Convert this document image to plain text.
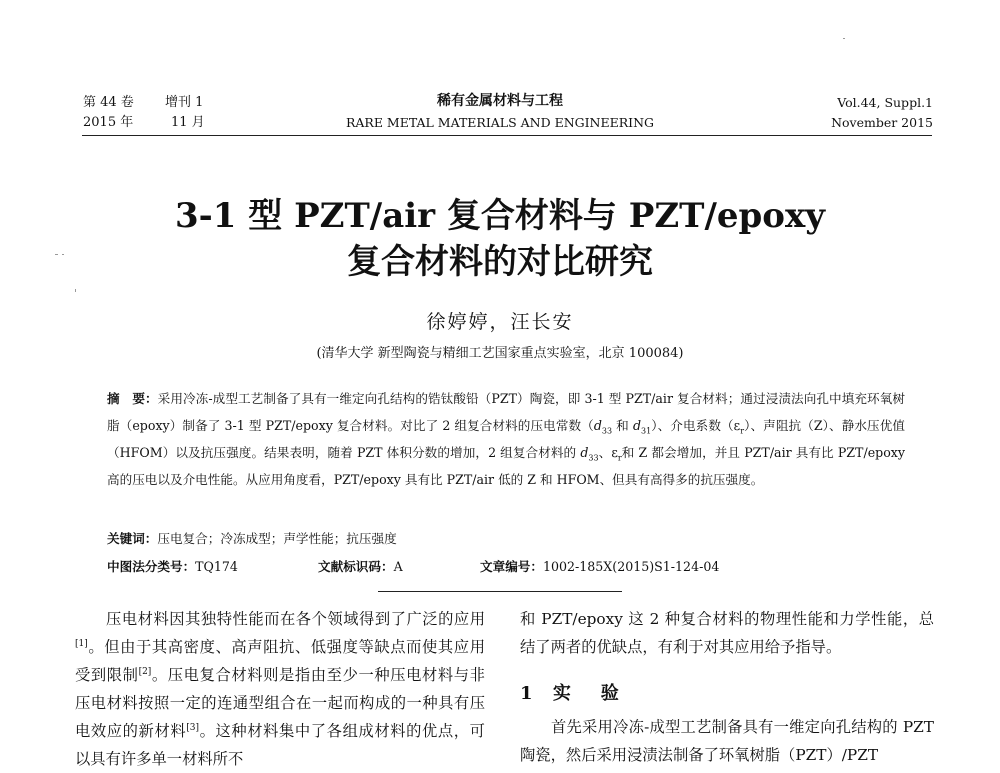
第 44 卷 增刊 1
2015 年	11 月
稀有金属材料与工程
RARE METAL MATERIALS AND ENGINEERING
Vol.44, Suppl.1
November 2015
3-1 型 PZT/air 复合材料与 PZT/epoxy
复合材料的对比研究
徐婷婷，汪长安
(清华大学 新型陶瓷与精细工艺国家重点实验室，北京 100084)

摘　要：采用冷冻-成型工艺制备了具有一维定向孔结构的锆钛酸铅（PZT）陶瓷，即 3-1 型 PZT/air 复合材料；通过浸渍法向孔中填充环氧树脂（epoxy）制备了 3-1 型 PZT/epoxy 复合材料。对比了 2 组复合材料的压电常数（$d_{33}$ 和 $d_{31}$）、介电系数$(\varepsilon_r)$、声阻抗（Z）、静水压优值（HFOM）以及抗压强度。结果表明，随着 PZT 体积分数的增加，2 组复合材料的 $d_{33}$、$\varepsilon_r$和 Z 都会增加，并且 PZT/air 具有比 PZT/epoxy 高的压电以及介电性能。从应用角度看，PZT/epoxy 具有比 PZT/air 低的 Z 和 HFOM、但具有高得多的抗压强度。

关键词：压电复合；冷冻成型；声学性能；抗压强度
中图法分类号：TQ174	文献标识码：A	文章编号：1002-185X(2015)S1-124-04

压电材料因其独特性能而在各个领域得到了广泛的应用[1]。但由于其高密度、高声阻抗、低强度等缺点而使其应用受到限制[2]。压电复合材料则是指由至少一种压电材料与非压电材料按照一定的连通型组合在一起而构成的一种具有压电效应的新材料[3]。这种材料集中了各组成材料的优点，可以具有许多单一材料所不

和 PZT/epoxy 这 2 种复合材料的物理性能和力学性能，总结了两者的优缺点，有利于对其应用给予指导。

1 实　验

首先采用冷冻-成型工艺制备具有一维定向孔结构的 PZT 陶瓷，然后采用浸渍法制备了环氧树脂（PZT）/PZT
